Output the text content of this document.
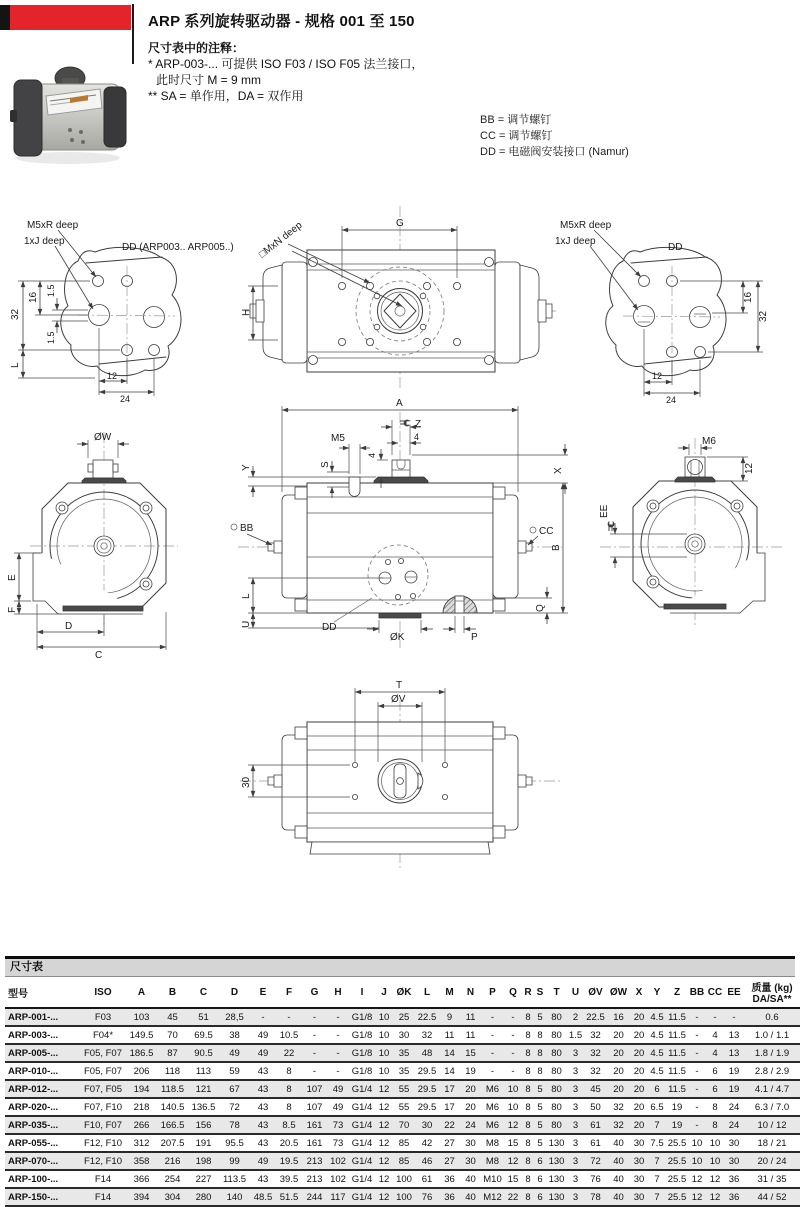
ARP 系列旋转驱动器 - 规格 001 至 150
尺寸表中的注释：
* ARP-003-... 可提供 ISO F03 / ISO F05 法兰接口，
此时尺寸 M = 9 mm
** SA = 单作用，DA = 双作用
BB = 调节螺钉
CC = 调节螺钉
DD = 电磁阀安装接口 (Namur)
M5xR deep
1xJ deep
DD (ARP003.. ARP005..)
32
16
1.5
1.5
L
12
24
G
H
□MxN deep	M5xR deep
1xJ deep
DD
16
32
12
24
A
Z
4
4
M5
Y	S
X
B
Q
L
U
BB	CC
DD
ØK	P
ØW
E
F
D
C
M6
12
EE
T
ØV
30
尺寸表
型号	ISO	A	B	C	D	E	F	G	H	I	J	ØK	L	M	N	P	Q	R	S	T	U	ØV	ØW	X	Y	Z	BB	CC	EE	质量 (kg)
DA/SA**

ARP-001-...	F03	103	45	51	28,5	-	-	-	-	G1/8	10	25	22.5	9	11	-	-	8	5	80	2	22.5	16	20	4.5	11.5	-	-	-	0.6
ARP-003-...	F04*	149.5	70	69.5	38	49	10.5	-	-	G1/8	10	30	32	11	11	-	-	8	8	80	1.5	32	20	20	4.5	11.5	-	4	13	1.0 / 1.1
ARP-005-...	F05, F07	186.5	87	90.5	49	49	22	-	-	G1/8	10	35	48	14	15	-	-	8	8	80	3	32	20	20	4.5	11.5	-	4	13	1.8 / 1.9
ARP-010-...	F05, F07	206	118	113	59	43	8	-	-	G1/8	10	35	29.5	14	19	-	-	8	8	80	3	32	20	20	4.5	11.5	-	6	19	2.8 / 2.9
ARP-012-...	F07, F05	194	118.5	121	67	43	8	107	49	G1/4	12	55	29.5	17	20	M6	10	8	5	80	3	45	20	20	6	11.5	-	6	19	4.1 / 4.7
ARP-020-...	F07, F10	218	140.5	136.5	72	43	8	107	49	G1/4	12	55	29.5	17	20	M6	10	8	5	80	3	50	32	20	6.5	19	-	8	24	6.3 / 7.0
ARP-035-...	F10, F07	266	166.5	156	78	43	8.5	161	73	G1/4	12	70	30	22	24	M6	12	8	5	80	3	61	32	20	7	19	-	8	24	10 / 12
ARP-055-...	F12, F10	312	207.5	191	95.5	43	20.5	161	73	G1/4	12	85	42	27	30	M8	15	8	5	130	3	61	40	30	7.5	25.5	10	10	30	18 / 21
ARP-070-...	F12, F10	358	216	198	99	49	19.5	213	102	G1/4	12	85	46	27	30	M8	12	8	6	130	3	72	40	30	7	25.5	10	10	30	20 / 24
ARP-100-...	F14	366	254	227	113.5	43	39.5	213	102	G1/4	12	100	61	36	40	M10	15	8	6	130	3	76	40	30	7	25.5	12	12	36	31 / 35
ARP-150-...	F14	394	304	280	140	48.5	51.5	244	117	G1/4	12	100	76	36	40	M12	22	8	6	130	3	78	40	30	7	25.5	12	12	36	44 / 52
